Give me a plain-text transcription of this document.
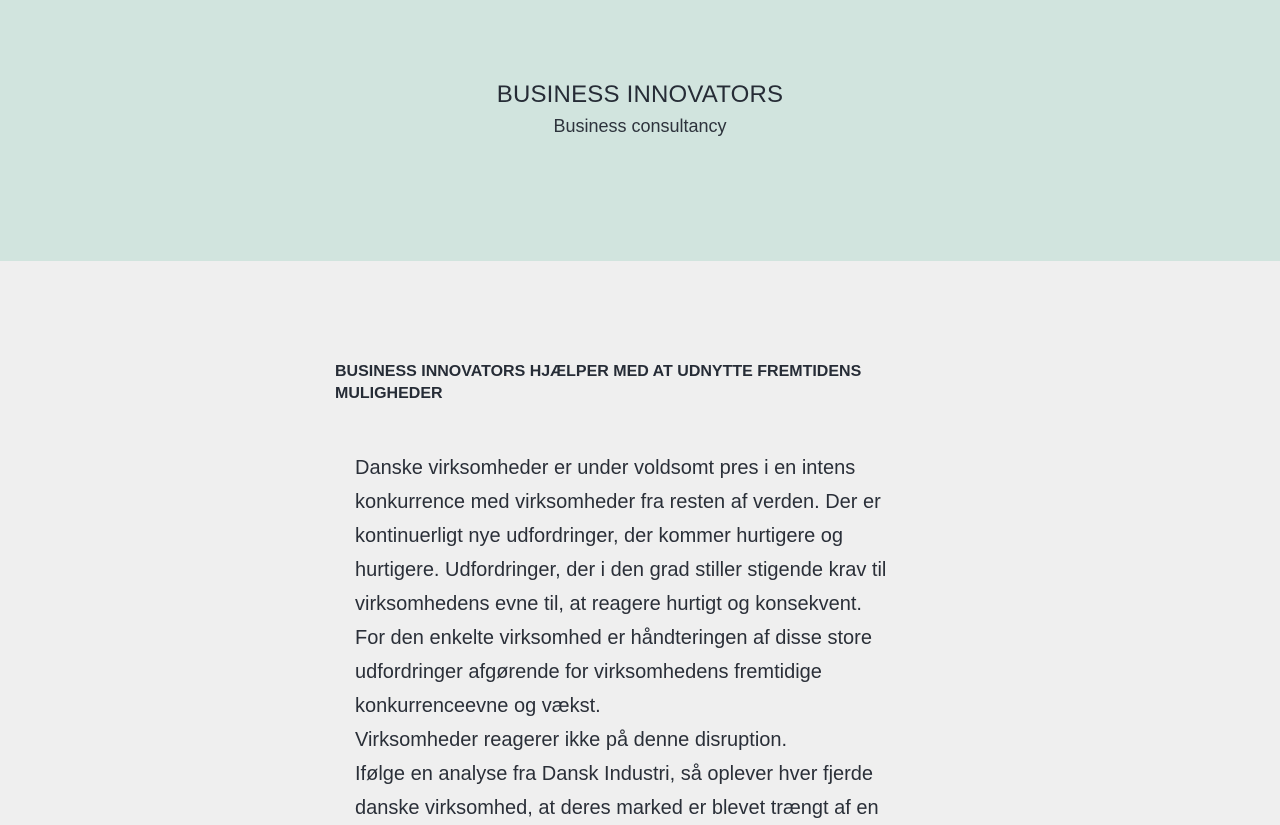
BUSINESS INNOVATORS

Business consultancy

BUSINESS INNOVATORS HJÆLPER MED AT UDNYTTE FREMTIDENS MULIGHEDER

Danske virksomheder er under voldsomt pres i en intens konkurrence med virksomheder fra resten af verden. Der er kontinuerligt nye udfordringer, der kommer hurtigere og hurtigere. Udfordringer, der i den grad stiller stigende krav til virksomhedens evne til, at reagere hurtigt og konsekvent.

For den enkelte virksomhed er håndteringen af disse store udfordringer afgørende for virksomhedens fremtidige konkurrenceevne og vækst.

Virksomheder reagerer ikke på denne disruption.

Ifølge en analyse fra Dansk Industri, så oplever hver fjerde danske virksomhed, at deres marked er blevet trængt af en
